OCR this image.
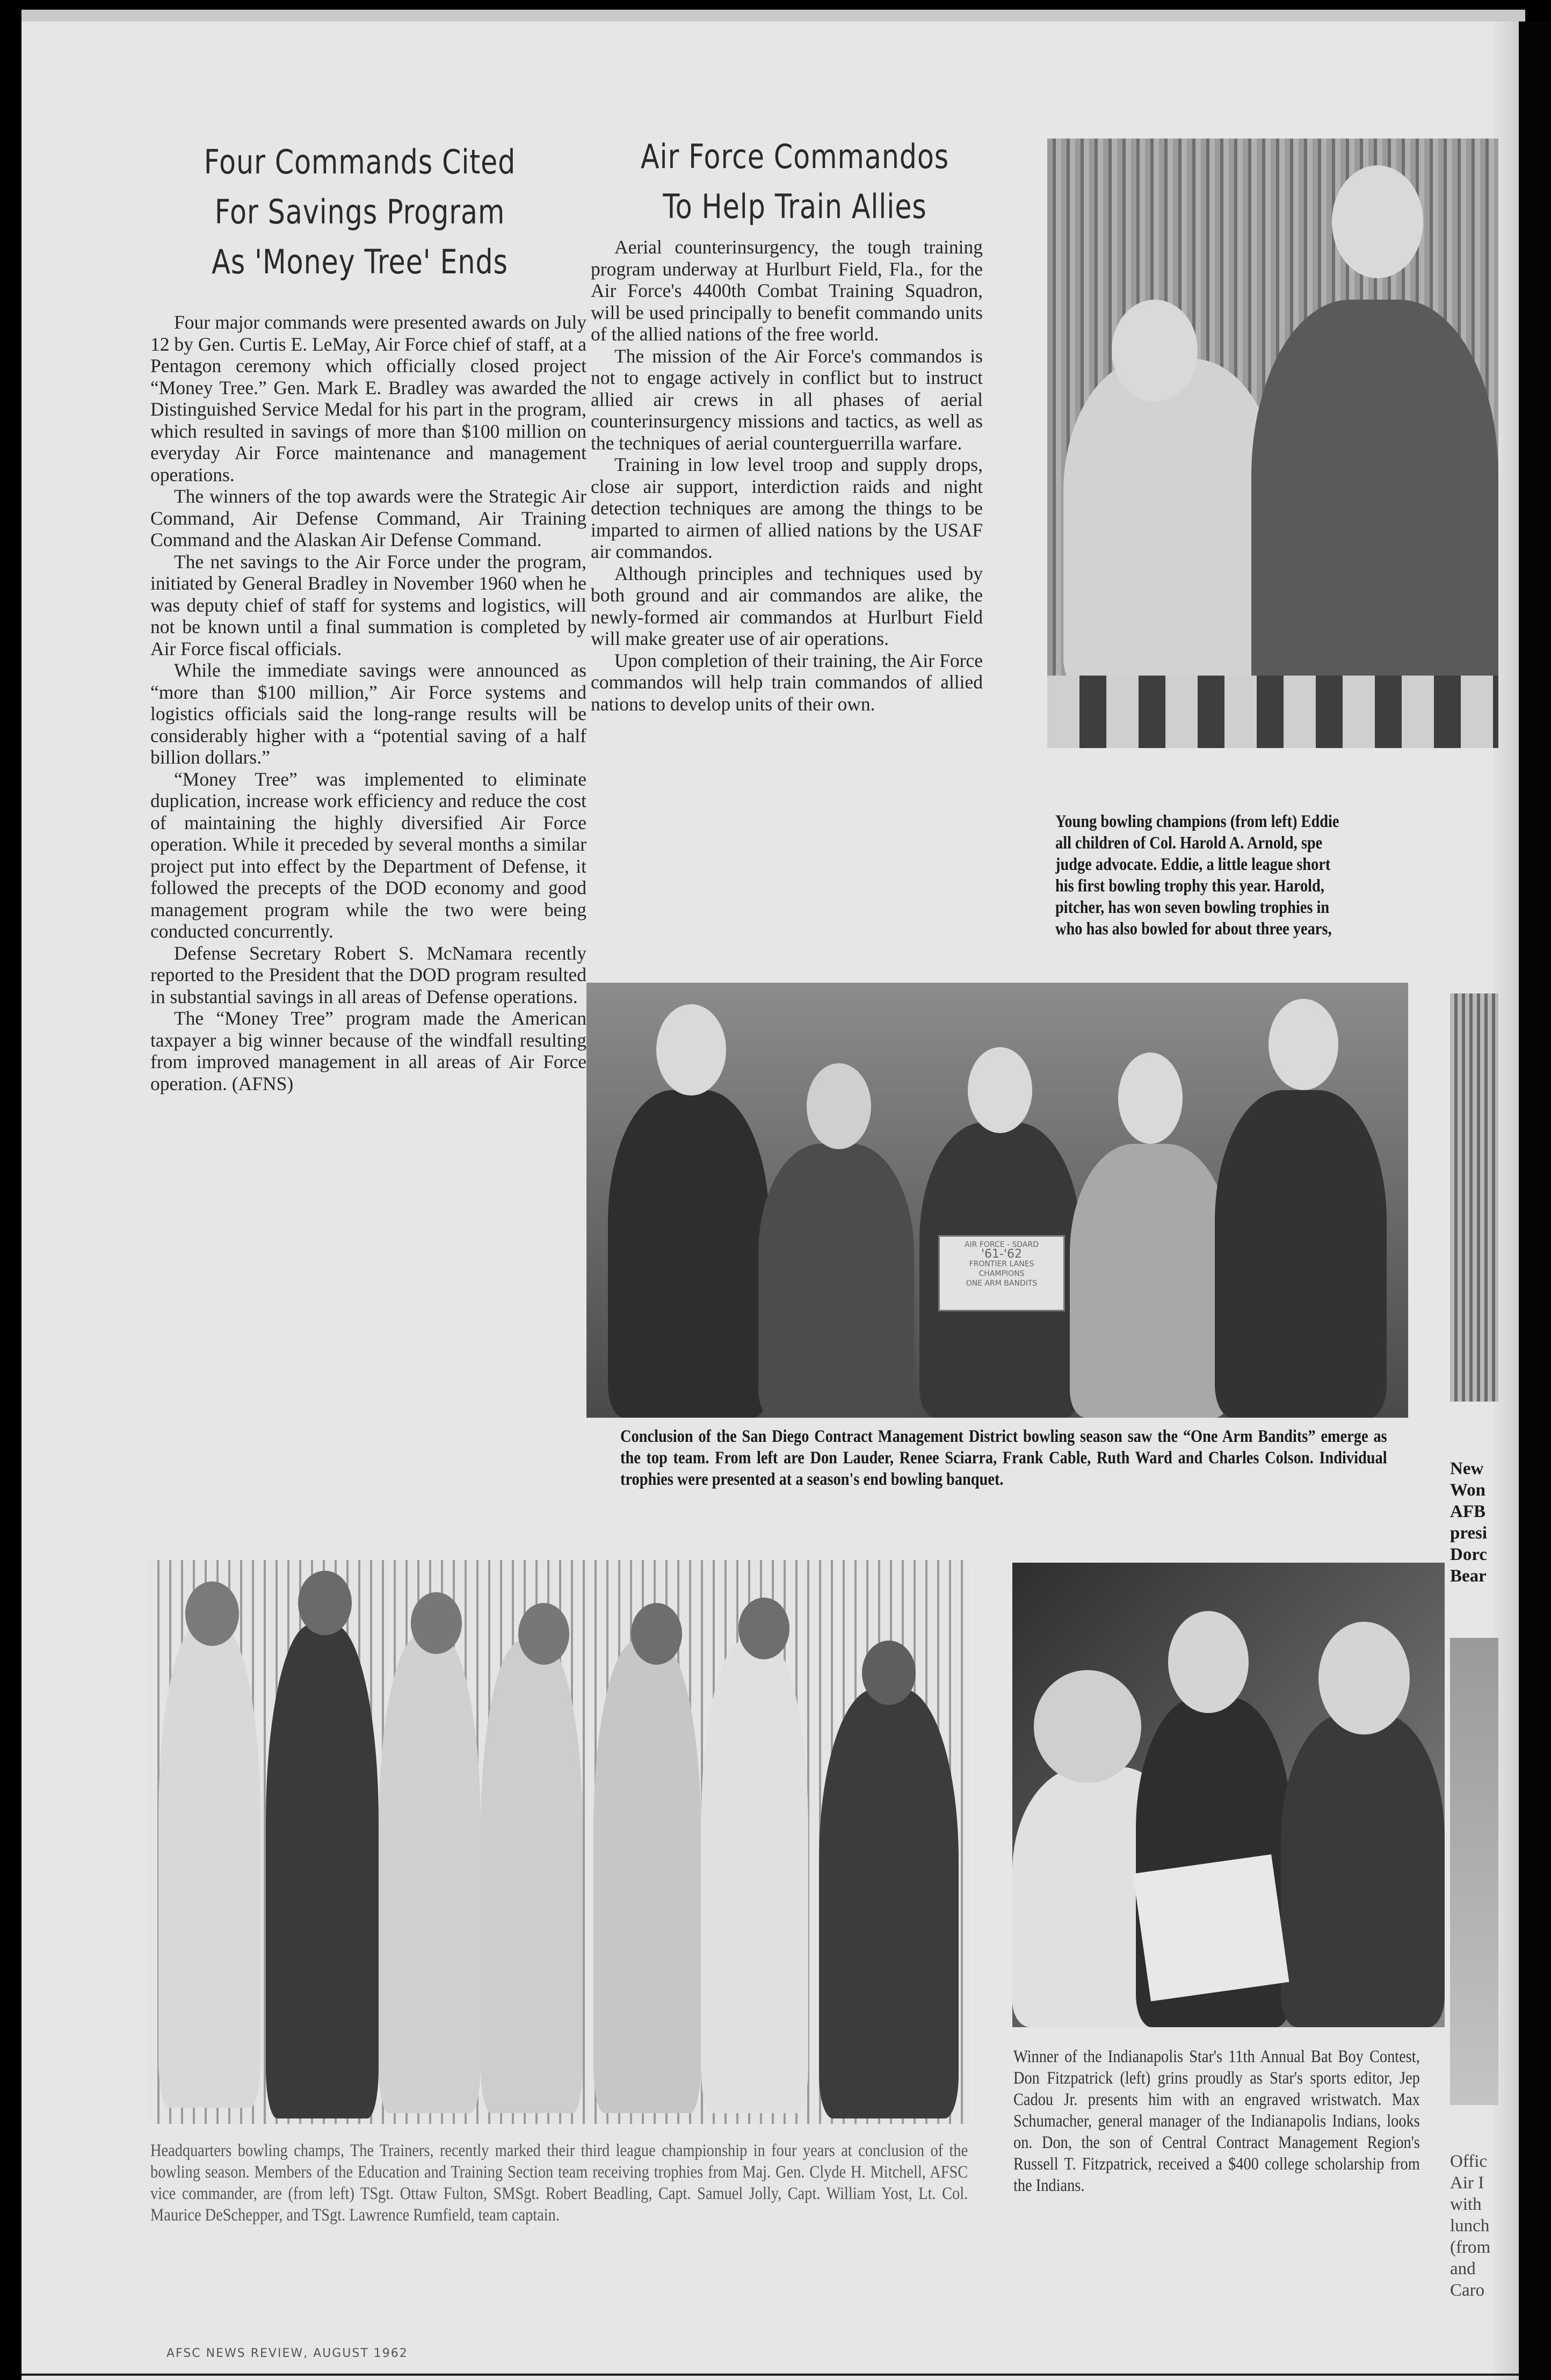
Four Commands Cited
For Savings Program
As 'Money Tree' Ends

Four major commands were presented awards on July 12 by Gen. Curtis E. LeMay, Air Force chief of staff, at a Pentagon ceremony which officially closed project “Money Tree.” Gen. Mark E. Bradley was awarded the Distinguished Service Medal for his part in the program, which resulted in savings of more than $100 million on everyday Air Force maintenance and management operations.

The winners of the top awards were the Strategic Air Command, Air Defense Command, Air Training Command and the Alaskan Air Defense Command.

The net savings to the Air Force under the program, initiated by General Bradley in November 1960 when he was deputy chief of staff for systems and logistics, will not be known until a final summation is completed by Air Force fiscal officials.

While the immediate savings were announced as “more than $100 million,” Air Force systems and logistics officials said the long-range results will be considerably higher with a “potential saving of a half billion dollars.”

“Money Tree” was implemented to eliminate duplication, increase work efficiency and reduce the cost of maintaining the highly diversified Air Force operation. While it preceded by several months a similar project put into effect by the Department of Defense, it followed the precepts of the DOD economy and good management program while the two were being conducted concurrently.

Defense Secretary Robert S. McNamara recently reported to the President that the DOD program resulted in substantial savings in all areas of Defense operations.

The “Money Tree” program made the American taxpayer a big winner because of the windfall resulting from improved management in all areas of Air Force operation. (AFNS)

Air Force Commandos
To Help Train Allies

Aerial counterinsurgency, the tough training program underway at Hurlburt Field, Fla., for the Air Force's 4400th Combat Training Squadron, will be used principally to benefit commando units of the allied nations of the free world.

The mission of the Air Force's commandos is not to engage actively in conflict but to instruct allied air crews in all phases of aerial counterinsurgency missions and tactics, as well as the techniques of aerial counterguerrilla warfare.

Training in low level troop and supply drops, close air support, interdiction raids and night detection techniques are among the things to be imparted to airmen of allied nations by the USAF air commandos.

Although principles and techniques used by both ground and air commandos are alike, the newly-formed air commandos at Hurlburt Field will make greater use of air operations.

Upon completion of their training, the Air Force commandos will help train commandos of allied nations to develop units of their own.

Young bowling champions (from left) Eddie
all children of Col. Harold A. Arnold, spe
judge advocate. Eddie, a little league short
his first bowling trophy this year. Harold,
pitcher, has won seven bowling trophies in
who has also bowled for about three years,
AIR FORCE - SDARD
'61-'62
FRONTIER LANES
CHAMPIONS
ONE ARM BANDITS
Conclusion of the San Diego Contract Management District bowling season saw the “One Arm Bandits” emerge as the top team. From left are Don Lauder, Renee Sciarra, Frank Cable, Ruth Ward and Charles Colson. Individual trophies were presented at a season's end bowling banquet.
New
Won
AFB
presi
Dorc
Bear
Headquarters bowling champs, The Trainers, recently marked their third league championship in four years at conclusion of the bowling season. Members of the Education and Training Section team receiving trophies from Maj. Gen. Clyde H. Mitchell, AFSC vice commander, are (from left) TSgt. Ottaw Fulton, SMSgt. Robert Beadling, Capt. Samuel Jolly, Capt. William Yost, Lt. Col. Maurice DeSchepper, and TSgt. Lawrence Rumfield, team captain.
Winner of the Indianapolis Star's 11th Annual Bat Boy Contest, Don Fitzpatrick (left) grins proudly as Star's sports editor, Jep Cadou Jr. presents him with an engraved wristwatch. Max Schumacher, general manager of the Indianapolis Indians, looks on. Don, the son of Central Contract Management Region's Russell T. Fitzpatrick, received a $400 college scholarship from the Indians.
Offic
Air I
with
lunch
(from
and
Caro
AFSC NEWS REVIEW, AUGUST 1962
